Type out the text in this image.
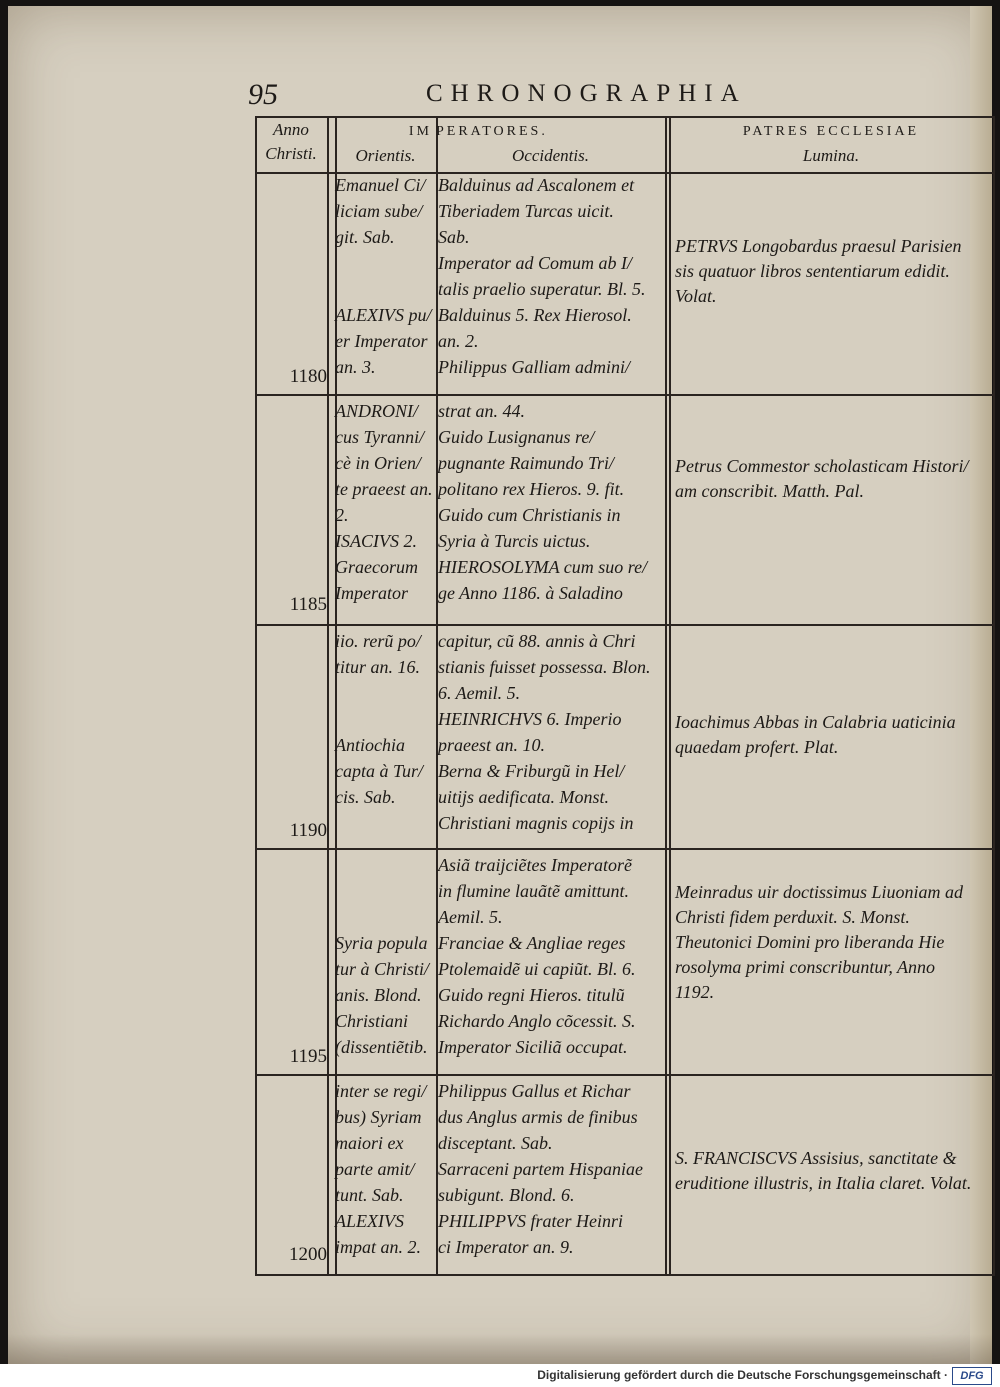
95	CHRONOGRAPHIA
Anno
Christi.
IM
Orientis.
PERATORES.
Occidentis.
PATRES ECCLESIAE
Lumina.
Emanuel Ci/
liciam sube/
git. Sab.

ALEXIVS pu/
er Imperator
an. 3.
Balduinus ad Ascalonem et
Tiberiadem Turcas uicit.
Sab.
Imperator ad Comum ab I/
talis praelio superatur. Bl. 5.
Balduinus 5. Rex Hierosol.
an. 2.
Philippus Galliam admini/
PETRVS Longobardus praesul Parisien
sis quatuor libros sententiarum edidit.
Volat.
1180
ANDRONI/
cus Tyranni/
cè in Orien/
te praeest an.
2.
ISACIVS 2.
Graecorum
Imperator
strat an. 44.
Guido Lusignanus re/
pugnante Raimundo Tri/
politano rex Hieros. 9. fit.
Guido cum Christianis in
Syria à Turcis uictus.
HIEROSOLYMA cum suo re/
ge Anno 1186. à Saladino
Petrus Commestor scholasticam Histori/
am conscribit. Matth. Pal.
1185
iio. rerũ po/
titur an. 16.

Antiochia
capta à Tur/
cis. Sab.
capitur, cũ 88. annis à Chri
stianis fuisset possessa. Blon.
6. Aemil. 5.
HEINRICHVS 6. Imperio
praeest an. 10.
Berna & Friburgũ in Hel/
uitijs aedificata. Monst.
Christiani magnis copijs in
Ioachimus Abbas in Calabria uaticinia
quaedam profert. Plat.
1190

Syria popula
tur à Christi/
anis. Blond.
Christiani
(dissentiẽtib.
Asiã traijciẽtes Imperatorẽ
in flumine lauãtẽ amittunt.
Aemil. 5.
Franciae & Angliae reges
Ptolemaidẽ ui capiũt. Bl. 6.
Guido regni Hieros. titulũ
Richardo Anglo cõcessit. S.
Imperator Siciliã occupat.
Meinradus uir doctissimus Liuoniam ad
Christi fidem perduxit. S. Monst.
Theutonici Domini pro liberanda Hie
rosolyma primi conscribuntur, Anno
1192.
1195
inter se regi/
bus) Syriam
maiori ex
parte amit/
tunt. Sab.
ALEXIVS
impat an. 2.
Philippus Gallus et Richar
dus Anglus armis de finibus
disceptant. Sab.
Sarraceni partem Hispaniae
subigunt. Blond. 6.
PHILIPPVS frater Heinri
ci Imperator an. 9.
S. FRANCISCVS Assisius, sanctitate &
eruditione illustris, in Italia claret. Volat.
1200
Digitalisierung gefördert durch die Deutsche Forschungsgemeinschaft ·	DFG
